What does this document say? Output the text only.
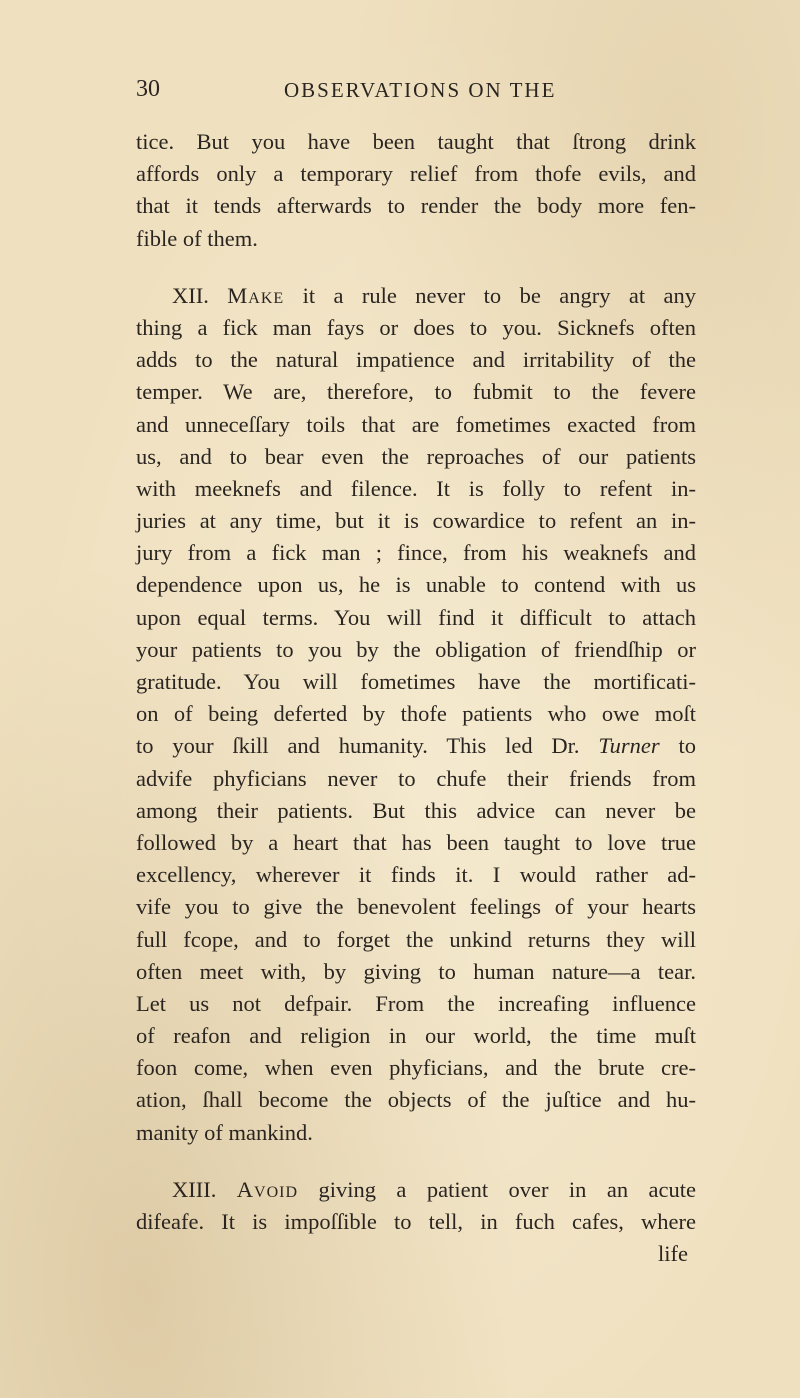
30	OBSERVATIONS ON THE
tice. But you have been taught that ſtrong drink
affords only a temporary relief from thofe evils, and
that it tends afterwards to render the body more fen-
fible of them.
XII. Make it a rule never to be angry at any
thing a fick man fays or does to you. Sicknefs often
adds to the natural impatience and irritability of the
temper. We are, therefore, to fubmit to the fevere
and unneceſſary toils that are fometimes exacted from
us, and to bear even the reproaches of our patients
with meeknefs and filence. It is folly to refent in-
juries at any time, but it is cowardice to refent an in-
jury from a fick man ; fince, from his weaknefs and
dependence upon us, he is unable to contend with us
upon equal terms. You will find it difficult to attach
your patients to you by the obligation of friendſhip or
gratitude. You will fometimes have the mortificati-
on of being deferted by thofe patients who owe moſt
to your ſkill and humanity. This led Dr. Turner to
advife phyficians never to chufe their friends from
among their patients. But this advice can never be
followed by a heart that has been taught to love true
excellency, wherever it finds it. I would rather ad-
vife you to give the benevolent feelings of your hearts
full fcope, and to forget the unkind returns they will
often meet with, by giving to human nature—a tear.
Let us not defpair. From the increafing influence
of reafon and religion in our world, the time muſt
foon come, when even phyficians, and the brute cre-
ation, ſhall become the objects of the juſtice and hu-
manity of mankind.
XIII. Avoid giving a patient over in an acute
difeafe. It is impoſſible to tell, in fuch cafes, where
life
